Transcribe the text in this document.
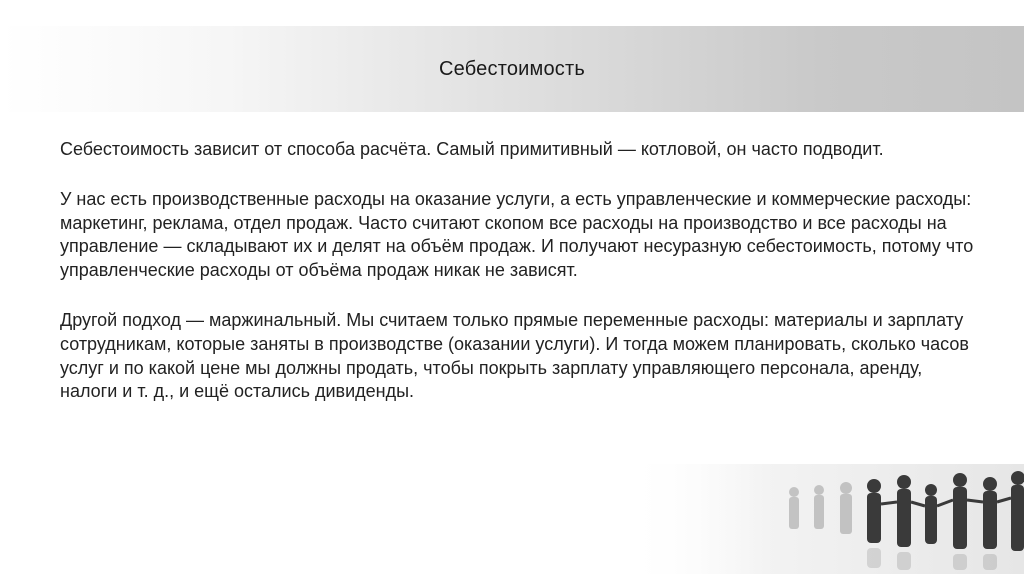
Себестоимость

Себестоимость зависит от способа расчёта. Самый примитивный — котловой, он часто подводит.

У нас есть производственные расходы на оказание услуги, а есть управленческие и коммерческие расходы: маркетинг, реклама, отдел продаж. Часто считают скопом все расходы на производство и все расходы на управление — складывают их и делят на объём продаж. И получают несуразную себестоимость, потому что управленческие расходы от объёма продаж никак не зависят.

Другой подход — маржинальный. Мы считаем только прямые переменные расходы: материалы и зарплату сотрудникам, которые заняты в производстве (оказании услуги). И тогда можем планировать, сколько часов услуг и по какой цене мы должны продать, чтобы покрыть зарплату управляющего персонала, аренду, налоги и т. д., и ещё остались дивиденды.
